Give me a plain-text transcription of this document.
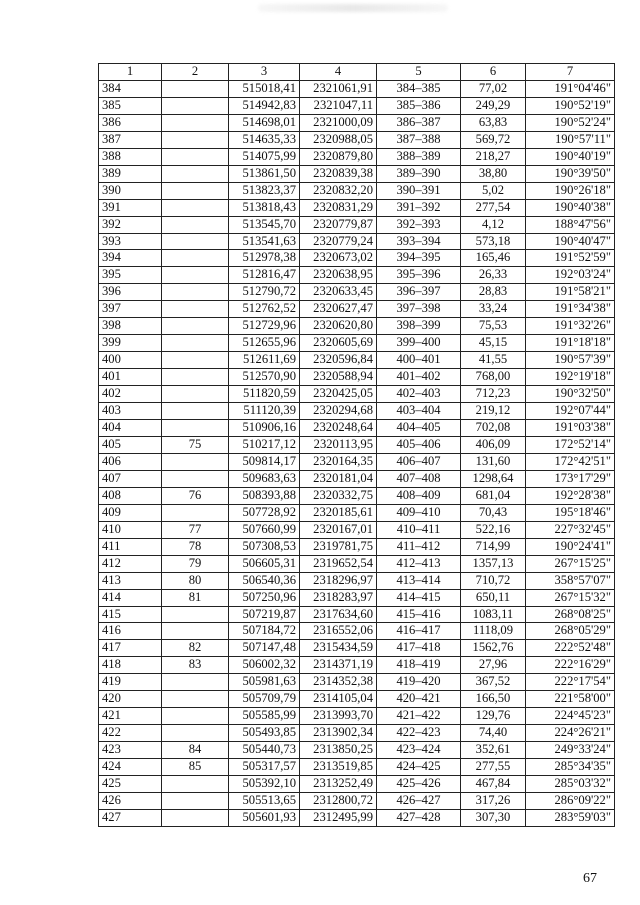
1	2	3	4	5	6	7
384		515018,41	2321061,91	384–385	77,02	191°04'46"
385		514942,83	2321047,11	385–386	249,29	190°52'19"
386		514698,01	2321000,09	386–387	63,83	190°52'24"
387		514635,33	2320988,05	387–388	569,72	190°57'11"
388		514075,99	2320879,80	388–389	218,27	190°40'19"
389		513861,50	2320839,38	389–390	38,80	190°39'50"
390		513823,37	2320832,20	390–391	5,02	190°26'18"
391		513818,43	2320831,29	391–392	277,54	190°40'38"
392		513545,70	2320779,87	392–393	4,12	188°47'56"
393		513541,63	2320779,24	393–394	573,18	190°40'47"
394		512978,38	2320673,02	394–395	165,46	191°52'59"
395		512816,47	2320638,95	395–396	26,33	192°03'24"
396		512790,72	2320633,45	396–397	28,83	191°58'21"
397		512762,52	2320627,47	397–398	33,24	191°34'38"
398		512729,96	2320620,80	398–399	75,53	191°32'26"
399		512655,96	2320605,69	399–400	45,15	191°18'18"
400		512611,69	2320596,84	400–401	41,55	190°57'39"
401		512570,90	2320588,94	401–402	768,00	192°19'18"
402		511820,59	2320425,05	402–403	712,23	190°32'50"
403		511120,39	2320294,68	403–404	219,12	192°07'44"
404		510906,16	2320248,64	404–405	702,08	191°03'38"
405	75	510217,12	2320113,95	405–406	406,09	172°52'14"
406		509814,17	2320164,35	406–407	131,60	172°42'51"
407		509683,63	2320181,04	407–408	1298,64	173°17'29"
408	76	508393,88	2320332,75	408–409	681,04	192°28'38"
409		507728,92	2320185,61	409–410	70,43	195°18'46"
410	77	507660,99	2320167,01	410–411	522,16	227°32'45"
411	78	507308,53	2319781,75	411–412	714,99	190°24'41"
412	79	506605,31	2319652,54	412–413	1357,13	267°15'25"
413	80	506540,36	2318296,97	413–414	710,72	358°57'07"
414	81	507250,96	2318283,97	414–415	650,11	267°15'32"
415		507219,87	2317634,60	415–416	1083,11	268°08'25"
416		507184,72	2316552,06	416–417	1118,09	268°05'29"
417	82	507147,48	2315434,59	417–418	1562,76	222°52'48"
418	83	506002,32	2314371,19	418–419	27,96	222°16'29"
419		505981,63	2314352,38	419–420	367,52	222°17'54"
420		505709,79	2314105,04	420–421	166,50	221°58'00"
421		505585,99	2313993,70	421–422	129,76	224°45'23"
422		505493,85	2313902,34	422–423	74,40	224°26'21"
423	84	505440,73	2313850,25	423–424	352,61	249°33'24"
424	85	505317,57	2313519,85	424–425	277,55	285°34'35"
425		505392,10	2313252,49	425–426	467,84	285°03'32"
426		505513,65	2312800,72	426–427	317,26	286°09'22"
427		505601,93	2312495,99	427–428	307,30	283°59'03"
67
